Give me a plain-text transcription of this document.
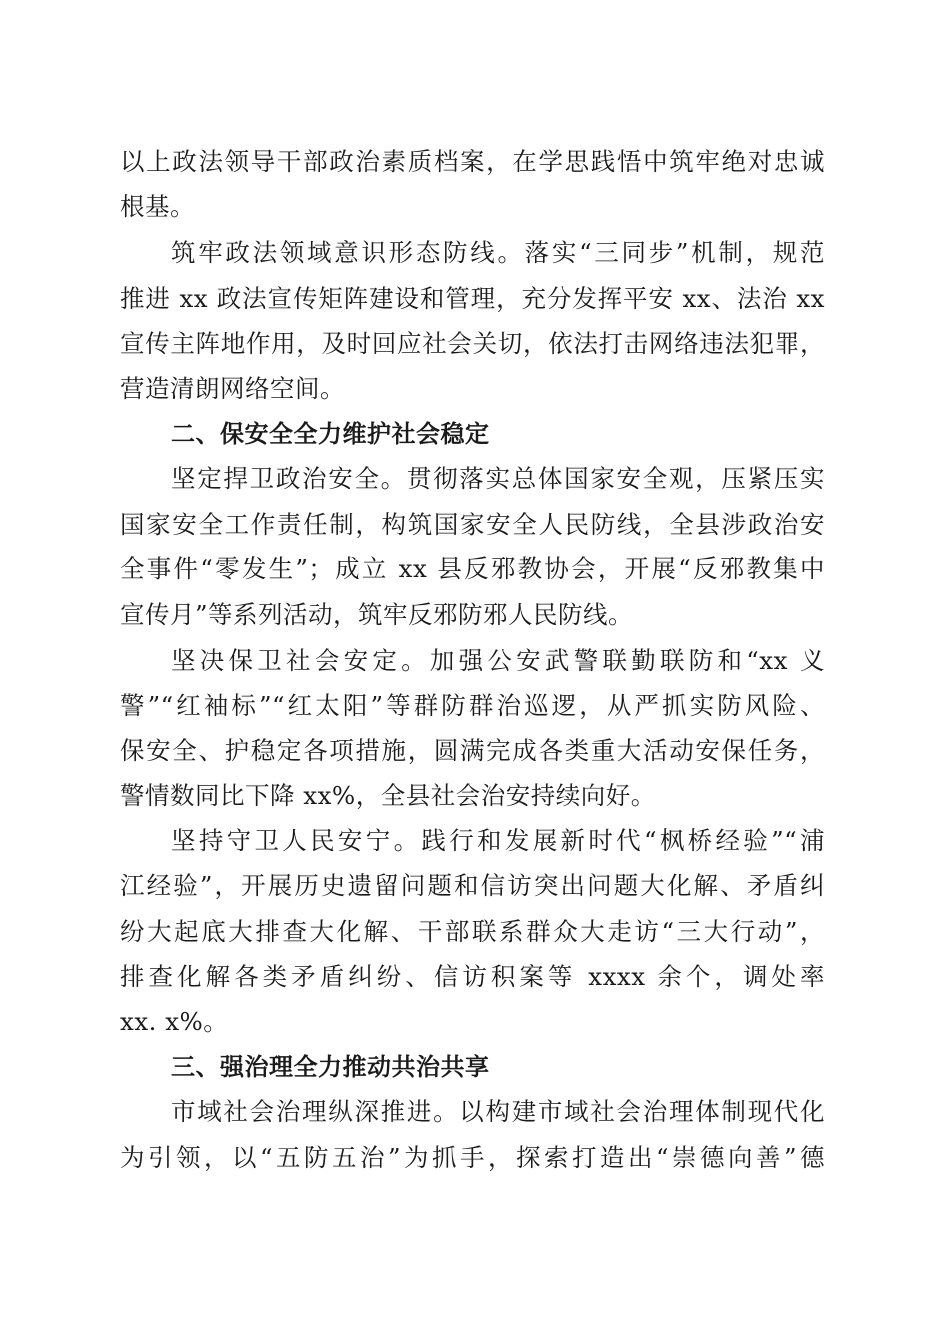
以上政法领导干部政治素质档案，在学思践悟中筑牢绝对忠诚
根基。
筑牢政法领域意识形态防线。落实“三同步”机制，规范
推进 xx 政法宣传矩阵建设和管理，充分发挥平安 xx、法治 xx
宣传主阵地作用，及时回应社会关切，依法打击网络违法犯罪，
营造清朗网络空间。
二、保安全全力维护社会稳定
坚定捍卫政治安全。贯彻落实总体国家安全观，压紧压实
国家安全工作责任制，构筑国家安全人民防线，全县涉政治安
全事件“零发生”；成立 xx 县反邪教协会，开展“反邪教集中
宣传月”等系列活动，筑牢反邪防邪人民防线。
坚决保卫社会安定。加强公安武警联勤联防和“xx 义
警”“红袖标”“红太阳”等群防群治巡逻，从严抓实防风险、
保安全、护稳定各项措施，圆满完成各类重大活动安保任务，
警情数同比下降 xx%，全县社会治安持续向好。
坚持守卫人民安宁。践行和发展新时代“枫桥经验”“浦
江经验”，开展历史遗留问题和信访突出问题大化解、矛盾纠
纷大起底大排查大化解、干部联系群众大走访“三大行动”，
排查化解各类矛盾纠纷、信访积案等 xxxx 余个，调处率
xx. x%。
三、强治理全力推动共治共享
市域社会治理纵深推进。以构建市域社会治理体制现代化
为引领，以“五防五治”为抓手，探索打造出“崇德向善”德
